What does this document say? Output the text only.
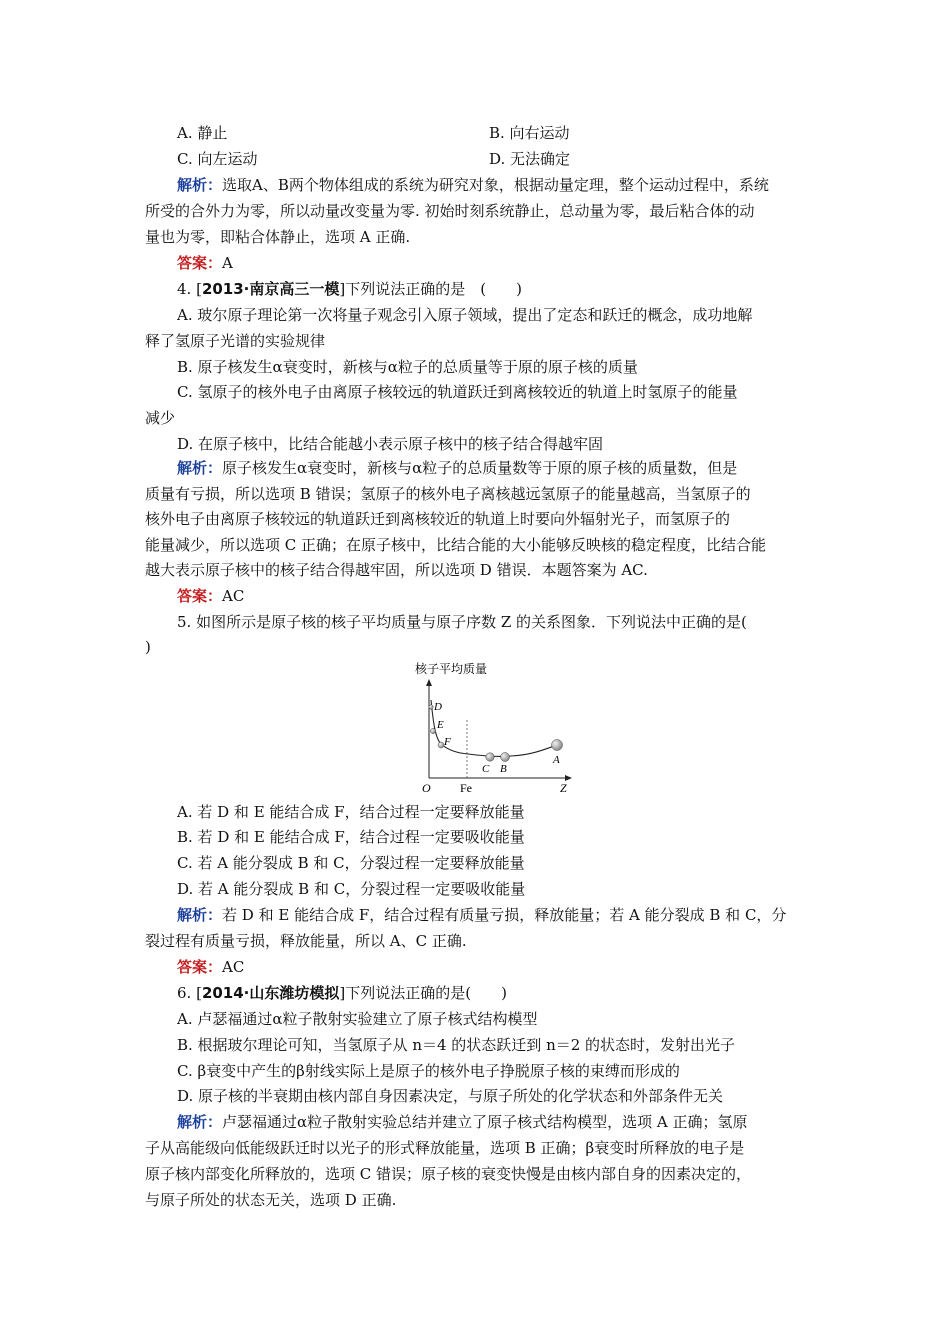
A. 静止	B. 向右运动
C. 向左运动	D. 无法确定
解析：选取A、B两个物体组成的系统为研究对象，根据动量定理，整个运动过程中，系统
所受的合外力为零，所以动量改变量为零. 初始时刻系统静止，总动量为零，最后粘合体的动
量也为零，即粘合体静止，选项 A 正确.
答案：A
4. [2013·南京高三一模]下列说法正确的是　(　　)
A. 玻尔原子理论第一次将量子观念引入原子领域，提出了定态和跃迁的概念，成功地解
释了氢原子光谱的实验规律
B. 原子核发生α衰变时，新核与α粒子的总质量等于原的原子核的质量
C. 氢原子的核外电子由离原子核较远的轨道跃迁到离核较近的轨道上时氢原子的能量
减少
D. 在原子核中，比结合能越小表示原子核中的核子结合得越牢固
解析：原子核发生α衰变时，新核与α粒子的总质量数等于原的原子核的质量数，但是
质量有亏损，所以选项 B 错误；氢原子的核外电子离核越远氢原子的能量越高，当氢原子的
核外电子由离原子核较远的轨道跃迁到离核较近的轨道上时要向外辐射光子，而氢原子的
能量减少，所以选项 C 正确；在原子核中，比结合能的大小能够反映核的稳定程度，比结合能
越大表示原子核中的核子结合得越牢固，所以选项 D 错误．本题答案为 AC.
答案：AC
5. 如图所示是原子核的核子平均质量与原子序数 Z 的关系图象．下列说法中正确的是(
)
核子平均质量
D
E
F
C B
A
O Fe	Z
A. 若 D 和 E 能结合成 F，结合过程一定要释放能量
B. 若 D 和 E 能结合成 F，结合过程一定要吸收能量
C. 若 A 能分裂成 B 和 C，分裂过程一定要释放能量
D. 若 A 能分裂成 B 和 C，分裂过程一定要吸收能量
解析：若 D 和 E 能结合成 F，结合过程有质量亏损，释放能量；若 A 能分裂成 B 和 C，分
裂过程有质量亏损，释放能量，所以 A、C 正确.
答案：AC
6. [2014·山东潍坊模拟]下列说法正确的是(　　)
A. 卢瑟福通过α粒子散射实验建立了原子核式结构模型
B. 根据玻尔理论可知，当氢原子从 n＝4 的状态跃迁到 n＝2 的状态时，发射出光子
C. β衰变中产生的β射线实际上是原子的核外电子挣脱原子核的束缚而形成的
D. 原子核的半衰期由核内部自身因素决定，与原子所处的化学状态和外部条件无关
解析：卢瑟福通过α粒子散射实验总结并建立了原子核式结构模型，选项 A 正确；氢原
子从高能级向低能级跃迁时以光子的形式释放能量，选项 B 正确；β衰变时所释放的电子是
原子核内部变化所释放的，选项 C 错误；原子核的衰变快慢是由核内部自身的因素决定的，
与原子所处的状态无关，选项 D 正确.
